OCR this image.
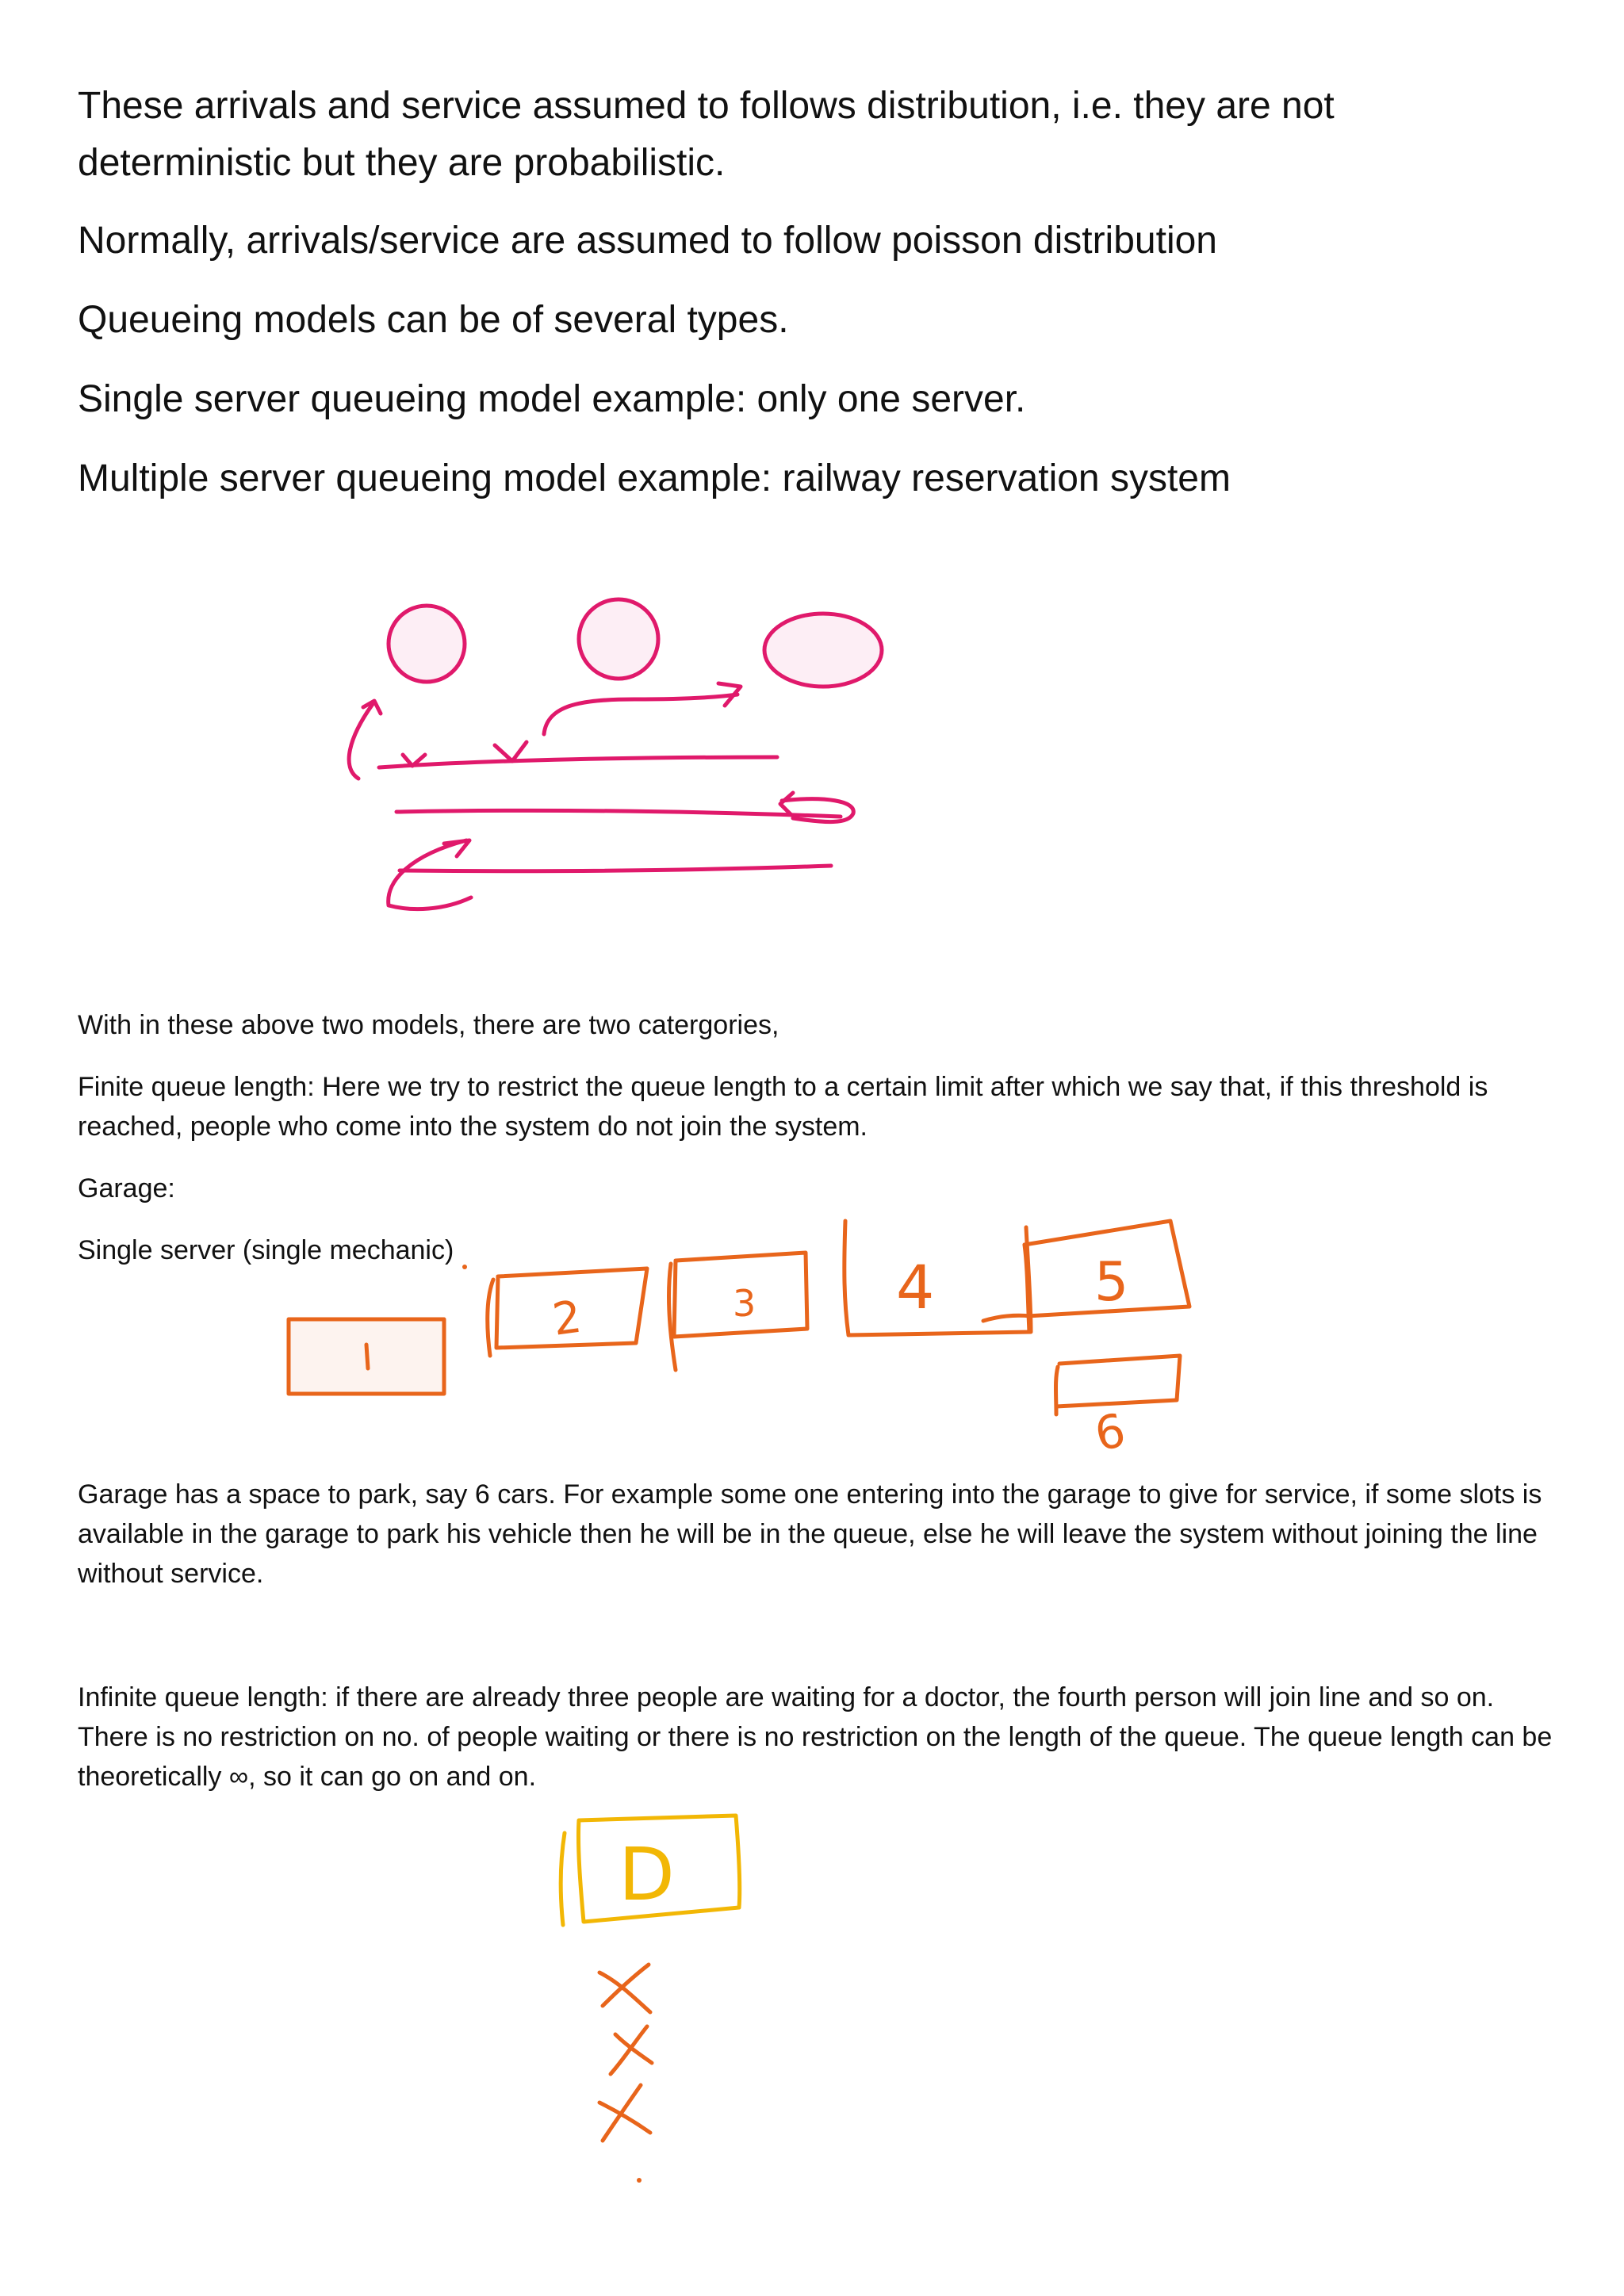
These arrivals and service assumed to follows distribution, i.e. they are not deterministic but they are probabilistic.

Normally, arrivals/service are assumed to follow poisson distribution

Queueing models can be of several types.

Single server queueing model example: only one server.

Multiple server queueing model example: railway reservation system

With in these above two models, there are two catergories,

Finite queue length: Here we try to restrict the queue length to a certain limit after which we say that, if this threshold is reached, people who come into the system do not join the system.

Garage:

Single server (single mechanic)

Garage has a space to park, say 6 cars. For example some one entering into the garage to give for service, if some slots is available in the garage to park his vehicle then he will be in the queue, else he will leave the system without joining the line without service.

Infinite queue length: if there are already three people are waiting for a doctor, the fourth person will join line and so on. There is no restriction on no. of people waiting or there is no restriction on the length of the queue. The queue length can be theoretically ∞, so it can go on and on.

2	3 4	5
6
D
